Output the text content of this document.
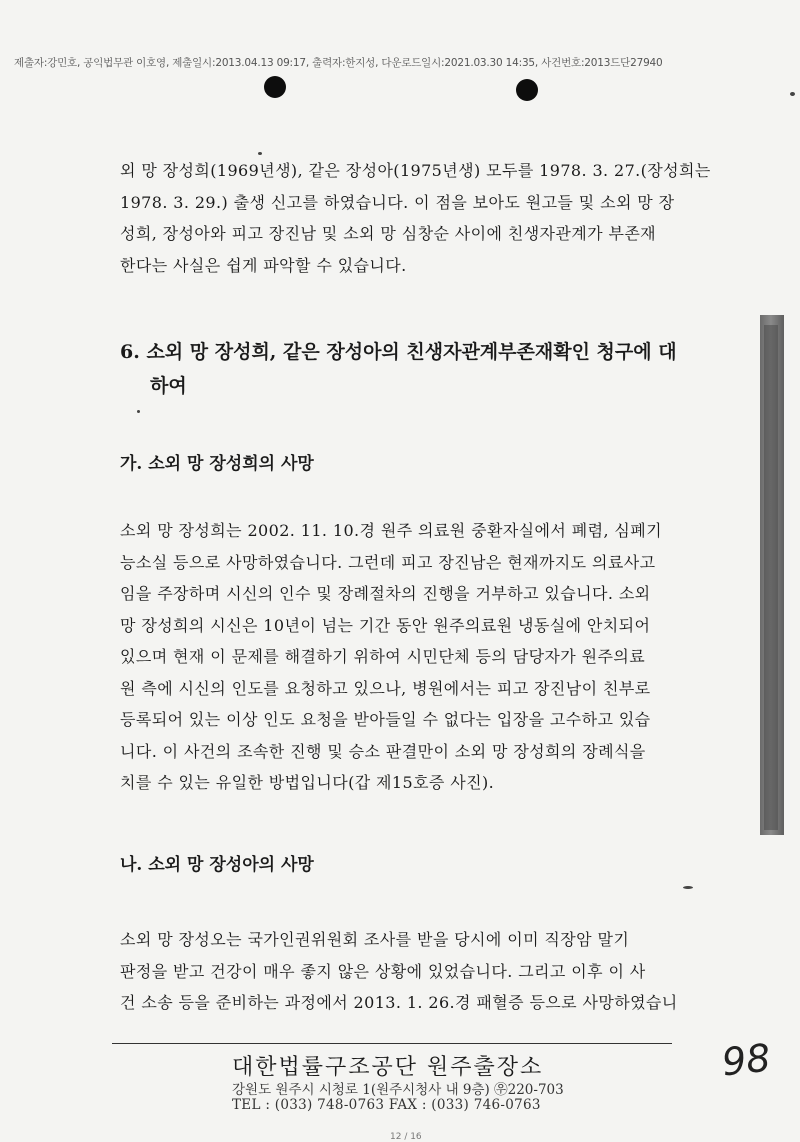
제출자:강민호, 공익법무관 이호영, 제출일시:2013.04.13 09:17, 출력자:한지성, 다운로드일시:2021.03.30 14:35, 사건번호:2013드단27940
외 망 장성희(1969년생), 같은 장성아(1975년생) 모두를 1978. 3. 27.(장성희는
1978. 3. 29.) 출생 신고를 하였습니다. 이 점을 보아도 원고들 및 소외 망 장
성희, 장성아와 피고 장진남 및 소외 망 심창순 사이에 친생자관계가 부존재
한다는 사실은 쉽게 파악할 수 있습니다.
6. 소외 망 장성희, 같은 장성아의 친생자관계부존재확인 청구에 대
하여
가. 소외 망 장성희의 사망
소외 망 장성희는 2002. 11. 10.경 원주 의료원 중환자실에서 폐렴, 심폐기
능소실 등으로 사망하였습니다. 그런데 피고 장진남은 현재까지도 의료사고
임을 주장하며 시신의 인수 및 장례절차의 진행을 거부하고 있습니다. 소외
망 장성희의 시신은 10년이 넘는 기간 동안 원주의료원 냉동실에 안치되어
있으며 현재 이 문제를 해결하기 위하여 시민단체 등의 담당자가 원주의료
원 측에 시신의 인도를 요청하고 있으나, 병원에서는 피고 장진남이 친부로
등록되어 있는 이상 인도 요청을 받아들일 수 없다는 입장을 고수하고 있습
니다. 이 사건의 조속한 진행 및 승소 판결만이 소외 망 장성희의 장례식을
치를 수 있는 유일한 방법입니다(갑 제15호증 사진).
나. 소외 망 장성아의 사망
소외 망 장성오는 국가인권위원회 조사를 받을 당시에 이미 직장암 말기
판정을 받고 건강이 매우 좋지 않은 상황에 있었습니다. 그리고 이후 이 사
건 소송 등을 준비하는 과정에서 2013. 1. 26.경 패혈증 등으로 사망하였습니
대한법률구조공단 원주출장소
강원도 원주시 시청로 1(원주시청사 내 9층) ㉾220-703
TEL : (033) 748-0763 FAX : (033) 746-0763
98
12 / 16
